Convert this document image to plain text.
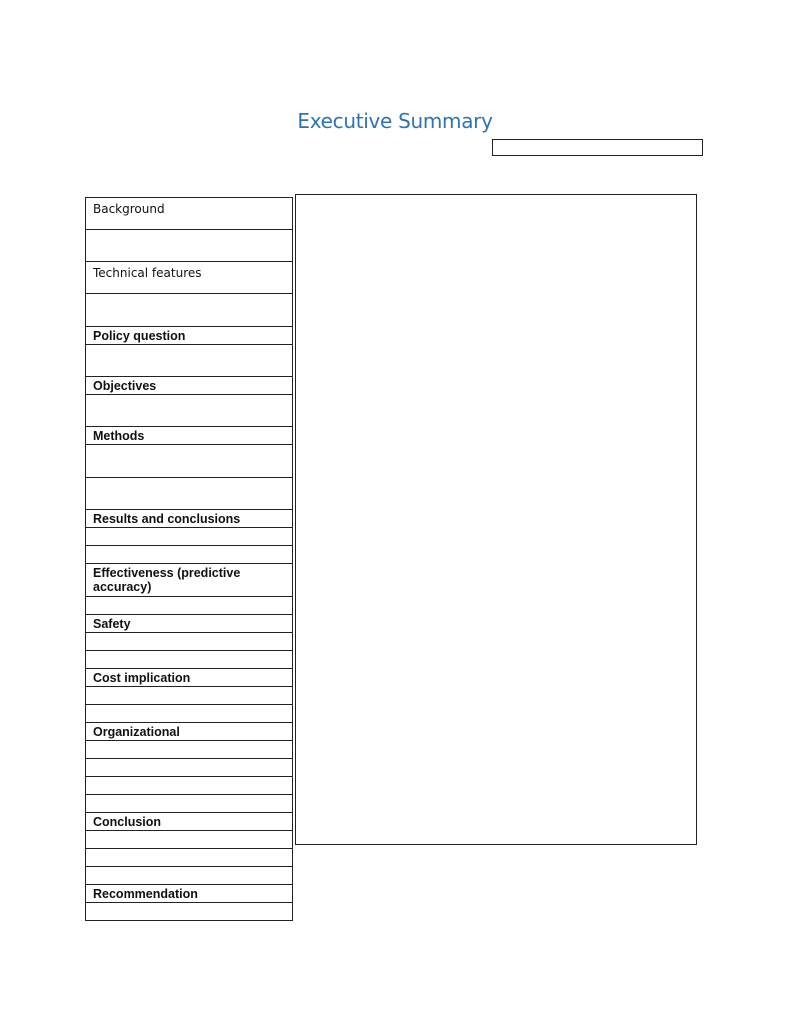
Executive Summary
Background
Technical features
Policy question
Objectives
Methods
Results and conclusions
Effectiveness (predictive accuracy)
Safety
Cost implication
Organizational
Conclusion
Recommendation
